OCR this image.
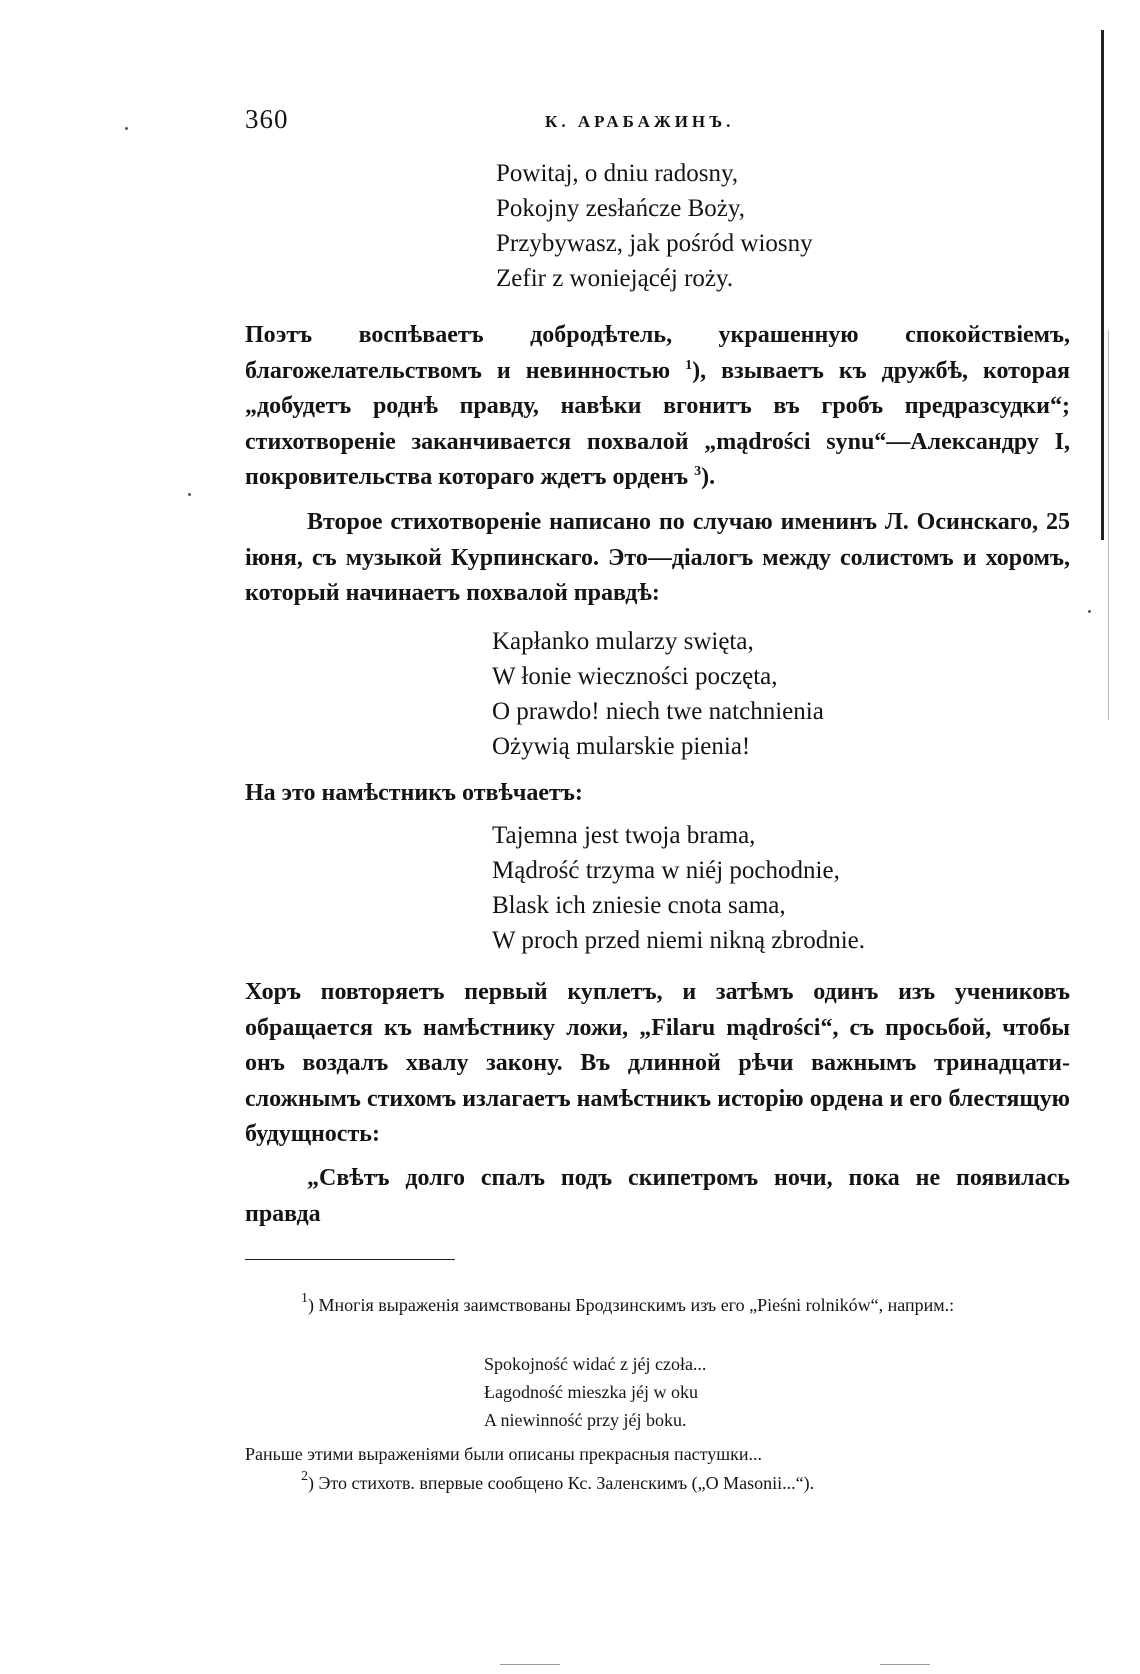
360	К. АРАБАЖИНЪ.
Powitaj, o dniu radosny,
Pokojny zesłańcze Boży,
Przybywasz, jak pośród wiosny
Zefir z woniejącéj roży.
Поэтъ воспѣваетъ добродѣтель, украшенную спокойствіемъ, благожелательствомъ и невинностью $^1$), взываетъ къ дружбѣ, которая „добудетъ роднѣ правду, навѣки вгонитъ въ гробъ предразсудки“; стихотвореніе заканчивается похвалой „mądrości synu“—Александру I, покровительства котораго ждетъ орденъ $^3$).
Второе стихотвореніе написано по случаю именинъ Л. Осинскаго, 25 іюня, съ музыкой Курпинскаго. Это—діалогъ между солистомъ и хоромъ, который начинаетъ похвалой правдѣ:
Kapłanko mularzy swięta,
W łonie wieczności poczęta,
O prawdo! niech twe natchnienia
Ożywią mularskie pienia!
На это намѣстникъ отвѣчаетъ:
Tajemna jest twoja brama,
Mądrość trzyma w niéj pochodnie,
Blask ich zniesie cnota sama,
W proch przed niemi nikną zbrodnie.
Хоръ повторяетъ первый куплетъ, и затѣмъ одинъ изъ учениковъ обращается къ намѣстнику ложи, „Filaru mądrości“, съ просьбой, чтобы онъ воздалъ хвалу закону. Въ длинной рѣчи важнымъ тринадцати-сложнымъ стихомъ излагаетъ намѣстникъ исторію ордена и его блестящую будущность:
„Свѣтъ долго спалъ подъ скипетромъ ночи, пока не появилась правда
$^1$) Многія выраженія заимствованы Бродзинскимъ изъ его „Pieśni rolników“, наприм.:
Spokojność widać z jéj czoła...
Łagodność mieszka jéj w oku
A niewinność przy jéj boku.
Раньше этими выраженіями были описаны прекрасныя пастушки...
$^2$) Это стихотв. впервые сообщено Кс. Заленскимъ („O Masonii...“).
